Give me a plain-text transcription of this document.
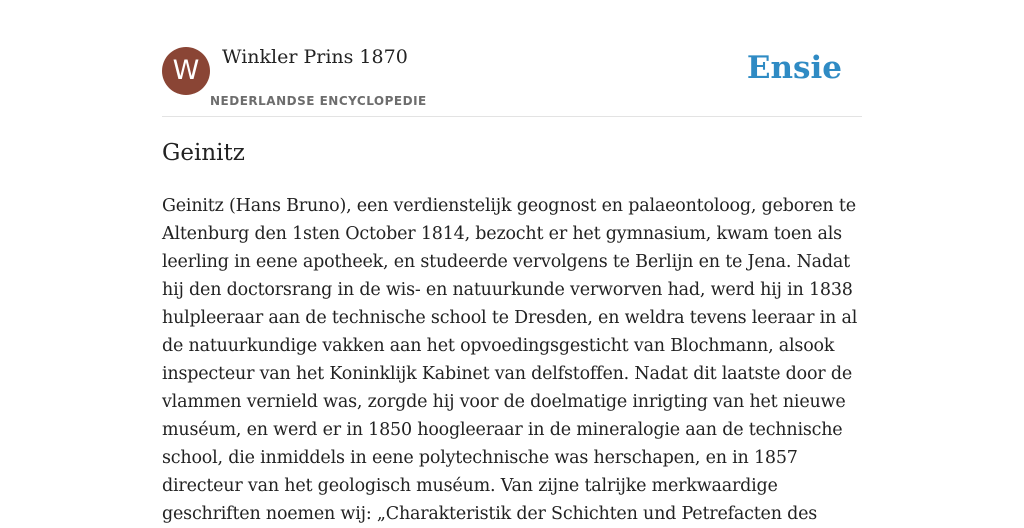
W	Winkler Prins 1870
NEDERLANDSE ENCYCLOPEDIE
Ensie
Geinitz
Geinitz (Hans Bruno), een verdienstelijk geognost en palaeontoloog, geboren te
Altenburg den 1sten October 1814, bezocht er het gymnasium, kwam toen als
leerling in eene apotheek, en studeerde vervolgens te Berlijn en te Jena. Nadat
hij den doctorsrang in de wis- en natuurkunde verworven had, werd hij in 1838
hulpleeraar aan de technische school te Dresden, en weldra tevens leeraar in al
de natuurkundige vakken aan het opvoedingsgesticht van Blochmann, alsook
inspecteur van het Koninklijk Kabinet van delfstoffen. Nadat dit laatste door de
vlammen vernield was, zorgde hij voor de doelmatige inrigting van het nieuwe
muséum, en werd er in 1850 hoogleeraar in de mineralogie aan de technische
school, die inmiddels in eene polytechnische was herschapen, en in 1857
directeur van het geologisch muséum. Van zijne talrijke merkwaardige
geschriften noemen wij: „Charakteristik der Schichten und Petrefacten des
